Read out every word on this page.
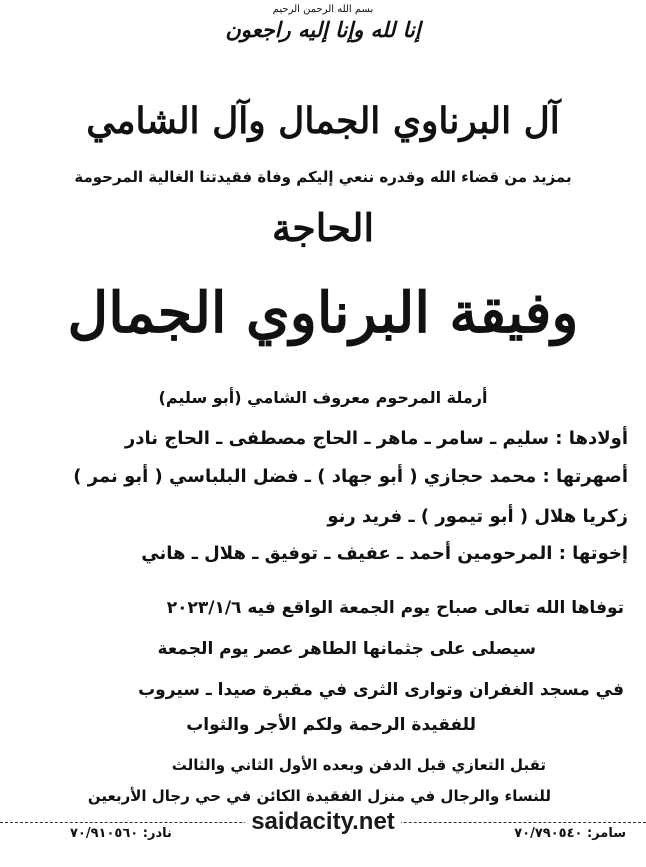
بسم الله الرحمن الرحيم
إنا لله وإنا إليه راجعون
آل البرناوي الجمال وآل الشامي
بمزيد من قضاء الله وقدره ننعي إليكم وفاة فقيدتنا الغالية المرحومة
الحاجة
وفيقة البرناوي الجمال
أرملة المرحوم معروف الشامي (أبو سليم)
أولادها : سليم ـ سامر ـ ماهر ـ الحاج مصطفى ـ الحاج نادر
أصهرتها : محمد حجازي ( أبو جهاد ) ـ فضل البلباسي ( أبو نمر )
زكريا هلال ( أبو تيمور ) ـ فريد رنو
إخوتها : المرحومين أحمد ـ عفيف ـ توفيق ـ هلال ـ هاني
توفاها الله تعالى صباح يوم الجمعة الواقع فيه ٢٠٢٣/١/٦
سيصلى على جثمانها الطاهر عصر يوم الجمعة
في مسجد الغفران وتوارى الثرى في مقبرة صيدا ـ سيروب
للفقيدة الرحمة ولكم الأجر والثواب
تقبل التعازي قبل الدفن وبعده الأول الثاني والثالث
للنساء والرجال في منزل الفقيدة الكائن في حي رجال الأربعين
سامر: ٧٠/٧٩٠٥٤٠
نادر: ٧٠/٩١٠٥٦٠	saidacity.net
